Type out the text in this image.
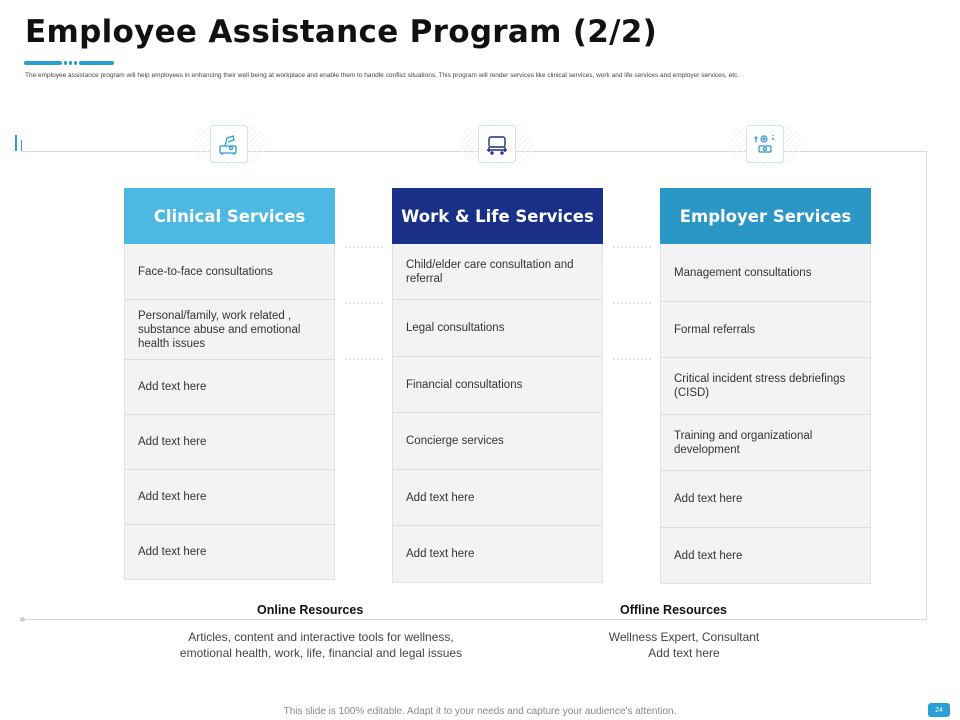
Employee Assistance Program (2/2)
The employee assistance program will help employees in enhancing their well being at workplace and enable them to handle conflict situations. This program will render services like clinical services, work and life services and employer services, etc.
Clinical Services
Face-to-face consultations
Personal/family, work related , substance abuse and emotional health issues
Add text here
Add text here
Add text here
Add text here
Work & Life Services
Child/elder care consultation and referral
Legal consultations
Financial consultations
Concierge services
Add text here
Add text here
Employer Services
Management consultations
Formal referrals
Critical incident stress debriefings
(CISD)
Training and organizational
development
Add text here
Add text here
Online Resources
Articles, content and interactive tools for wellness, emotional health, work, life, financial and legal issues
Offline Resources
Wellness Expert, Consultant
Add text here
This slide is 100% editable. Adapt it to your needs and capture your audience's attention.	24
